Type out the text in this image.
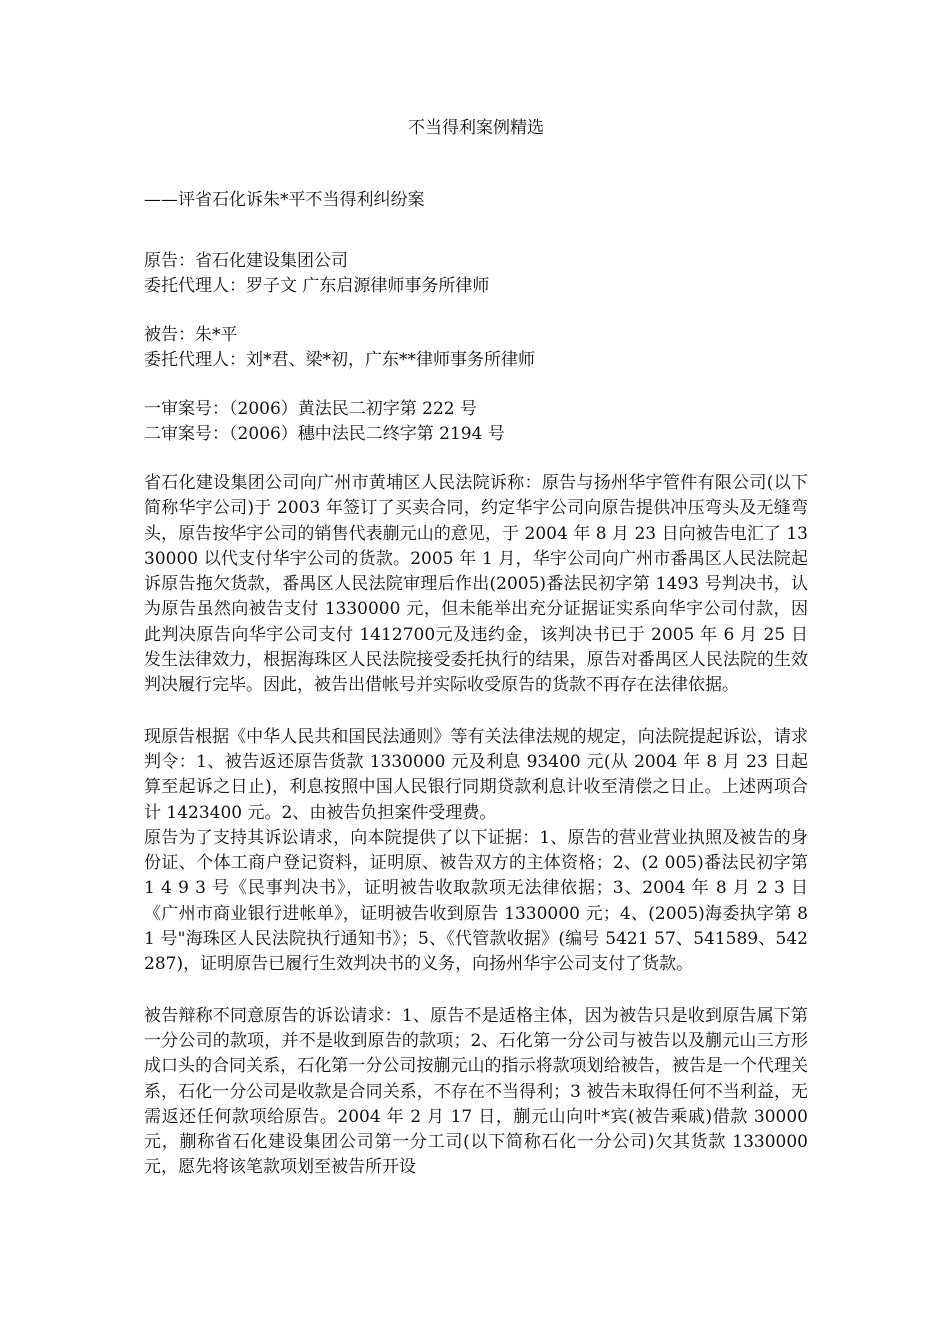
不当得利案例精选
——评省石化诉朱*平不当得利纠纷案

原告：省石化建设集团公司

委托代理人：罗子文 广东启源律师事务所律师

被告：朱*平

委托代理人：刘*君、梁*初，广东**律师事务所律师

一审案号：（2006）黄法民二初字第 222 号

二审案号：（2006）穗中法民二终字第 2194 号

省石化建设集团公司向广州市黄埔区人民法院诉称：原告与扬州华宇管件有限公司(以下简称华宇公司)于 2003 年签订了买卖合同，约定华宇公司向原告提供冲压弯头及无缝弯头，原告按华宇公司的销售代表蒯元山的意见，于 2004 年 8 月 23 日向被告电汇了 1330000 以代支付华宇公司的货款。2005 年 1 月，华宇公司向广州市番禺区人民法院起诉原告拖欠货款，番禺区人民法院审理后作出(2005)番法民初字第 1493 号判决书，认为原告虽然向被告支付 1330000 元，但未能举出充分证据证实系向华宇公司付款，因此判决原告向华宇公司支付 1412700元及违约金，该判决书已于 2005 年 6 月 25 日发生法律效力，根据海珠区人民法院接受委托执行的结果，原告对番禺区人民法院的生效判决履行完毕。因此，被告出借帐号并实际收受原告的货款不再存在法律依据。

现原告根据《中华人民共和国民法通则》等有关法律法规的规定，向法院提起诉讼，请求判令：1、被告返还原告货款 1330000 元及利息 93400 元(从 2004 年 8 月 23 日起算至起诉之日止)，利息按照中国人民银行同期贷款利息计收至清偿之日止。上述两项合计 1423400 元。2、由被告负担案件受理费。

原告为了支持其诉讼请求，向本院提供了以下证据：1、原告的营业营业执照及被告的身份证、个体工商户登记资料，证明原、被告双方的主体资格；2、(2 005)番法民初字第 1 4 9 3 号《民事判决书》，证明被告收取款项无法律依据；3、2004 年 8 月 2 3 日《广州市商业银行进帐单》，证明被告收到原告 1330000 元；4、(2005)海委执字第 81 号"海珠区人民法院执行通知书》；5、《代管款收据》(编号 5421 57、541589、542287)，证明原告已履行生效判决书的义务，向扬州华宇公司支付了货款。

被告辩称不同意原告的诉讼请求：1、原告不是适格主体，因为被告只是收到原告属下第一分公司的款项，并不是收到原告的款项；2、石化第一分公司与被告以及蒯元山三方形成口头的合同关系，石化第一分公司按蒯元山的指示将款项划给被告，被告是一个代理关系，石化一分公司是收款是合同关系，不存在不当得利；3 被告未取得任何不当利益，无需返还任何款项给原告。2004 年 2 月 17 日，蒯元山向叶*宾(被告乘戚)借款 30000 元，蒯称省石化建设集团公司第一分工司(以下简称石化一分公司)欠其货款 1330000 元，愿先将该笔款项划至被告所开设
